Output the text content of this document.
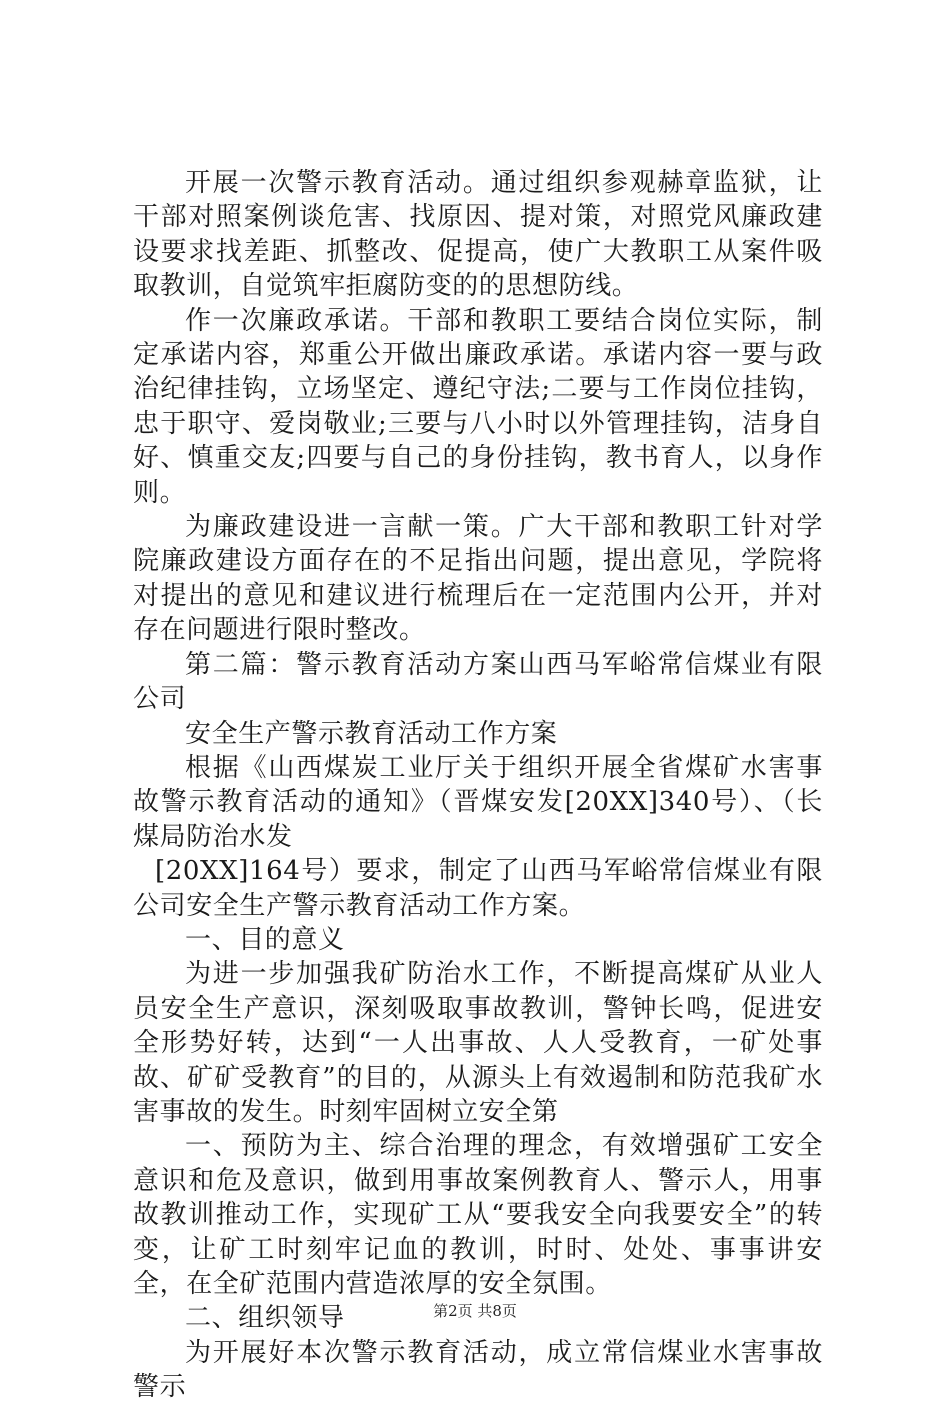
开展一次警示教育活动。通过组织参观赫章监狱，让干部对照案例谈危害、找原因、提对策，对照党风廉政建设要求找差距、抓整改、促提高，使广大教职工从案件吸取教训，自觉筑牢拒腐防变的的思想防线。

作一次廉政承诺。干部和教职工要结合岗位实际，制定承诺内容，郑重公开做出廉政承诺。承诺内容一要与政治纪律挂钩，立场坚定、遵纪守法;二要与工作岗位挂钩，忠于职守、爱岗敬业;三要与八小时以外管理挂钩，洁身自好、慎重交友;四要与自己的身份挂钩，教书育人，以身作则。

为廉政建设进一言献一策。广大干部和教职工针对学院廉政建设方面存在的不足指出问题，提出意见，学院将对提出的意见和建议进行梳理后在一定范围内公开，并对存在问题进行限时整改。

第二篇：警示教育活动方案山西马军峪常信煤业有限公司

安全生产警示教育活动工作方案

根据《山西煤炭工业厅关于组织开展全省煤矿水害事故警示教育活动的通知》（晋煤安发[20XX]340号）、（长煤局防治水发

[20XX]164号）要求，制定了山西马军峪常信煤业有限公司安全生产警示教育活动工作方案。

一、目的意义

为进一步加强我矿防治水工作，不断提高煤矿从业人员安全生产意识，深刻吸取事故教训，警钟长鸣，促进安全形势好转，达到“一人出事故、人人受教育，一矿处事故、矿矿受教育”的目的，从源头上有效遏制和防范我矿水害事故的发生。时刻牢固树立安全第

一、预防为主、综合治理的理念，有效增强矿工安全意识和危及意识，做到用事故案例教育人、警示人，用事故教训推动工作，实现矿工从“要我安全向我要安全”的转变，让矿工时刻牢记血的教训，时时、处处、事事讲安全，在全矿范围内营造浓厚的安全氛围。

二、组织领导

为开展好本次警示教育活动，成立常信煤业水害事故警示

第2页 共8页
